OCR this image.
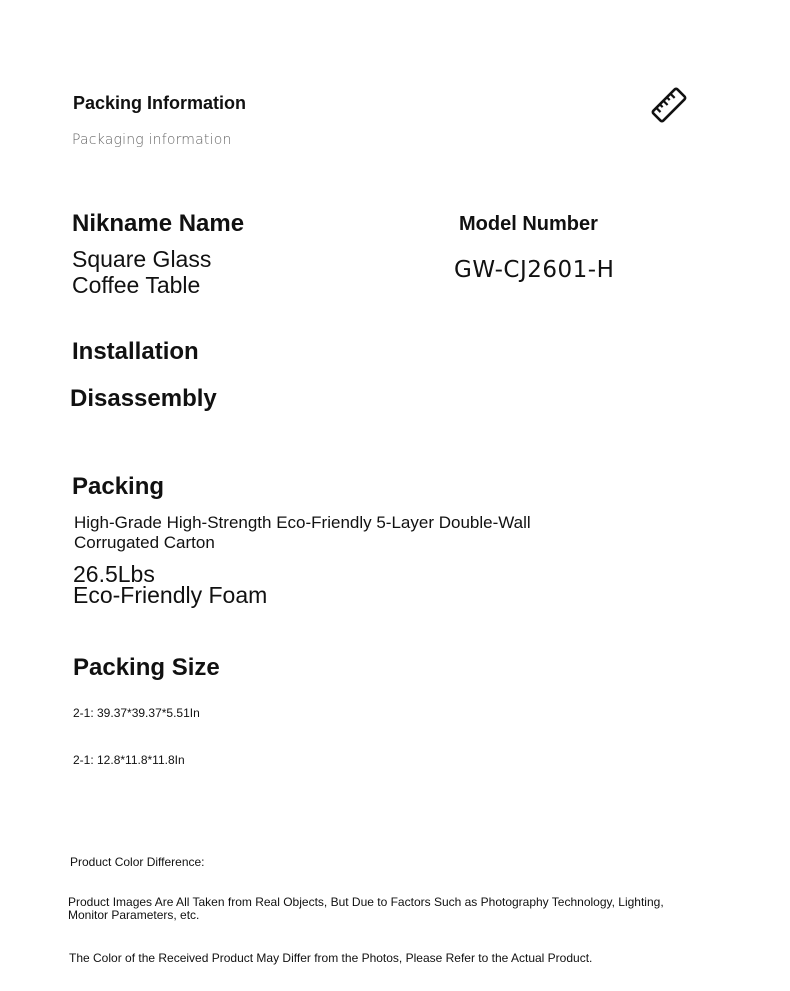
Packing Information
Packaging information
Nikname Name	Model Number
Square Glass Coffee Table
GW-CJ2601-H
Installation
Disassembly
Packing
High-Grade High-Strength Eco-Friendly 5-Layer Double-Wall Corrugated Carton
26.5Lbs
Eco-Friendly Foam
Packing Size
2-1: 39.37*39.37*5.51In
2-1: 12.8*11.8*11.8In
Product Color Difference:
Product Images Are All Taken from Real Objects, But Due to Factors Such as Photography Technology, Lighting, Monitor Parameters, etc.
The Color of the Received Product May Differ from the Photos, Please Refer to the Actual Product.
